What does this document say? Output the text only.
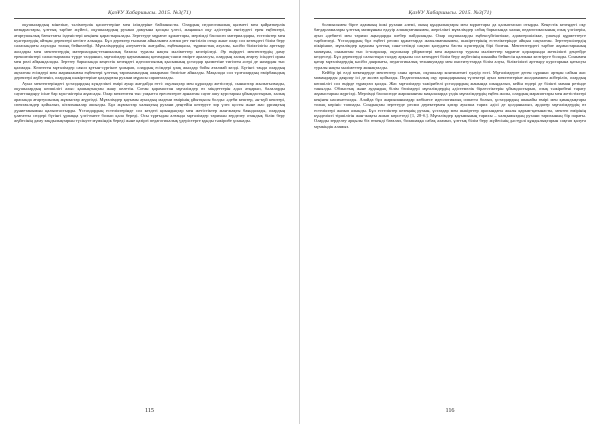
ҚазҰУ Хабаршысы. 2015. №3(71)

оқушылардың мінезіне, тәлімгерлік қасиеттеріне мен ілімдеріне байланысты. Олардың педагогикалық қызметі мен қайраткерлік көзқарастары, ұлттық тәрбие жүйесі, оқушылардың рухани дамуына қосқан үлесі, жаңашыл оқу әдістерін енгізудегі ерен еңбектері, ағартушылық бағыттағы ізденістері кеңінен қарастырылады. Зерттеуде мұрағат құжаттары, мерзімді баспасөз материалдары, естеліктер мен куәгерлердің айтқан деректері негізге алынды. Бұл деректер ғылыми айналымға алғаш рет енгізіліп отыр және олар сол кезеңдегі білім беру саласындағы ахуалды толық бейнелейді. Мұғалімдердің әлеуметтік жағдайы, еңбекақысы, тұрмыстық ахуалы, кәсіби біліктілігін арттыру жолдары мен мектептердің материалдық-техникалық базасы туралы нақты мәліметтер келтіріледі. Әр өңірдегі мектептердің даму ерекшеліктері салыстырмалы түрде талданып, мұғалімдер қауымының қоғамдық-саяси өмірге араласуы, олардың халық ағарту ісіндегі орны мен рөлі айқындалады. Зерттеу барысында кеңестік кезеңдегі идеологиялық қысымның ұстаздар қызметіне тигізген әсері де назардан тыс қалмады. Көптеген мұғалімдер саяси қуғын-сүргінге ұшырап, олардың есімдері ұзақ жылдар бойы аталмай келді. Бүгінгі таңда олардың ақталған есімдері мен жарияланған еңбектері ұлттық тарихымыздың ажырамас бөлігіне айналды. Мақалада сол тұлғалардың өмірбаяндық деректері жүйеленіп, олардың шәкірттеріне қалдырған рухани мұрасы сарапталады.

Ауыл мектептеріндегі ұстаздардың күнделікті өмірі ауыр жағдайда өтті: оқулықтар мен құралдар жетіспеді, сыныптар жылытылмады, оқушылардың көпшілігі алыс қашықтықтан жаяу келетін. Соған қарамастан мұғалімдер өз міндеттерін адал атқарып, балаларды сауаттандыру ісіне бар күш-жігерін жұмсады. Олар мектептен тыс уақытта ересектерге арналған сауат ашу курстарын ұйымдастырып, халық арасында ағартушылық жұмыстар жүргізді. Мұғалімдер қауымы ауылдың мәдени өмірінің ұйытқысы болды: әдеби кештер, ән-күй кештері, спектакльдер қойылып, кітапханалар ашылды. Бұл жұмыстар халықтың рухани деңгейін көтеруге зор үлес қосты және жас ұрпақтың дүниетанымын қалыптастырды. Ұстаздардың естеліктерінде сол кездегі қиындықтар мен жетістіктер жан-жақты баяндалады, олардың ұлағатты сөздері бүгінгі ұрпаққа үлгі-өнеге болып қала береді. Осы тұрғыдан алғанда мұғалімдер тарихын зерделеу отандық білім беру жүйесінің даму заңдылықтарын түсінуге мүмкіндік береді және қазіргі педагогикалық үдерістерге құнды тәжірибе ұсынады.

115
ҚазҰУ Хабаршысы. 2015. №3(71)

болмысымен бірге адамның ішкі рухани әлемі, оның құндылықтары мен мұраттары да қалыптасып отырды. Кеңестік кезеңдегі оқу бағдарламалары ұлттық мазмұннан едәуір алшақтағанымен, жергілікті мұғалімдер сабақ барысында халық педагогикасының озық үлгілерін, ауыз әдебиеті мен тарихи аңыздарды шебер пайдаланды. Олар оқушыларды еңбексүйгіштікке, адамгершілікке, үлкенді құрметтеуге тәрбиеледі. Ұстаздардың бұл еңбегі ресми құжаттарда жазылмағанымен, шәкірттерінің естеліктерінде айқын сақталған. Зерттеушілердің пікірінше, мұғалімдер қауымы ұлттық сана-сезімді сақтап қалудағы басты күштердің бірі болған. Мектептердегі тәрбие жұмыстарының мазмұны, сыныптан тыс іс-шаралар, оқушылар үйірмелері мен жарыстар туралы мәліметтер мұрағат қорларында жеткілікті деңгейде кездеседі. Бұл деректерді салыстыра талдау арқылы сол кезеңдегі білім беру жүйесінің шынайы бейнесін қалпына келтіруге болады. Сонымен қатар мұғалімдердің кәсіби даярлығы, педагогикалық техникумдар мен институттарда білім алуы, біліктілікті арттыру курстарына қатысуы туралы нақты мәліметтер жинақталды.

Кейбір ірі елді мекендерде мектептер саны артып, оқушылар контингенті едәуір өсті. Мұғалімдерге деген сұраныс артқан сайын жас мамандарды даярлау ісі де жолға қойылды. Педагогикалық оқу орындарының түлектері ауыл мектептеріне жолдамамен жіберіліп, олардың көпшілігі сол өңірде тұрақтап қалды. Жас мұғалімдер тәжірибелі ұстаздардың жанында шыңдалып, кейін өздері де білікті маман ретінде танылды. Облыстық және аудандық білім бөлімдері мұғалімдердің әдістемелік бірлестіктерін ұйымдастырып, озық тәжірибені тарату жұмыстарын жүргізді. Мерзімді баспасөзде жарияланған мақалаларда үздік мұғалімдердің еңбек жолы, олардың марапаттары мен жетістіктері кеңінен насихатталды. Алайда бұл жарияланымдар көбінесе идеологиялық сипатта болып, ұстаздардың шынайы өмірі мен қиындықтары толық көрініс таппады. Сондықтан зерттеуде ресми деректермен қатар ауызша тарих әдісі де қолданылып, ардагер мұғалімдердің өз естеліктері жазып алынды. Бұл естеліктер кезеңнің рухын, ұстаздар мен шәкірттер арасындағы жылы қарым-қатынасты, мектеп өмірінің күнделікті тіршілігін жан-жақты ашып көрсетеді [1, 28-б.]. Мұғалімдер қауымының тарихы – халқымыздың рухани тарихының бір парағы. Оларды зерделеу арқылы біз өткенді бағалап, болашаққа сабақ аламыз, ұлттық білім беру жүйесінің дәстүрлі құндылықтарын сақтап қалуға мүмкіндік аламыз.

116
